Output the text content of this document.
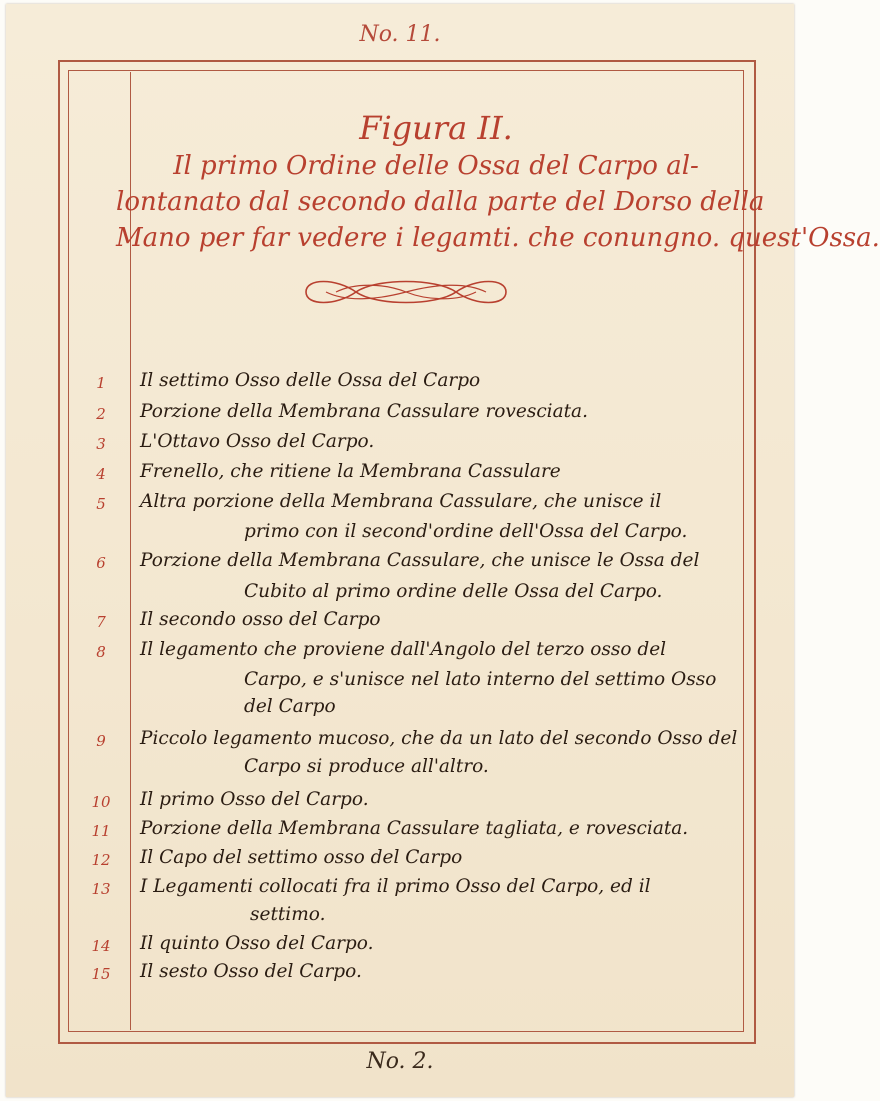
No. 11.
Figura II.
Il primo Ordine delle Ossa del Carpo al-
lontanato dal secondo dalla parte del Dorso della
Mano per far vedere i legamti. che conungno. quest'Ossa.
1	Il settimo Osso delle Ossa del Carpo
2	Porzione della Membrana Cassulare rovesciata.
3	L'Ottavo Osso del Carpo.
4	Frenello, che ritiene la Membrana Cassulare
5	Altra porzione della Membrana Cassulare, che unisce il
primo con il second'ordine dell'Ossa del Carpo.
6	Porzione della Membrana Cassulare, che unisce le Ossa del
Cubito al primo ordine delle Ossa del Carpo.
7	Il secondo osso del Carpo
8	Il legamento che proviene dall'Angolo del terzo osso del
Carpo, e s'unisce nel lato interno del settimo Osso
del Carpo
9	Piccolo legamento mucoso, che da un lato del secondo Osso del
Carpo si produce all'altro.
10	Il primo Osso del Carpo.
11	Porzione della Membrana Cassulare tagliata, e rovesciata.
12	Il Capo del settimo osso del Carpo
13	I Legamenti collocati fra il primo Osso del Carpo, ed il
settimo.
14	Il quinto Osso del Carpo.
15	Il sesto Osso del Carpo.
No. 2.
